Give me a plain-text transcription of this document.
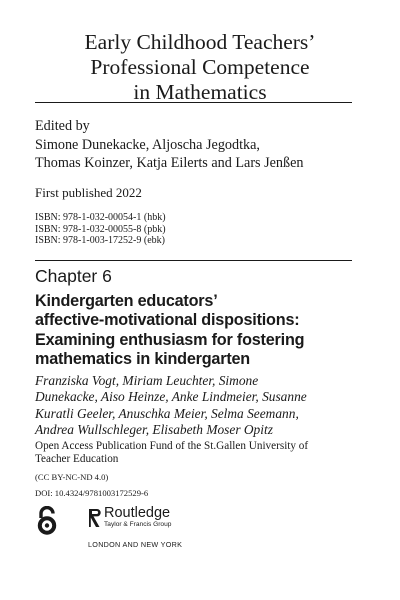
Early Childhood Teachers’
Professional Competence
in Mathematics
Edited by
Simone Dunekacke, Aljoscha Jegodtka,
Thomas Koinzer, Katja Eilerts and Lars Jenßen
First published 2022
ISBN: 978-1-032-00054-1 (hbk)
ISBN: 978-1-032-00055-8 (pbk)
ISBN: 978-1-003-17252-9 (ebk)
Chapter 6
Kindergarten educators’
affective-motivational dispositions:
Examining enthusiasm for fostering
mathematics in kindergarten
Franziska Vogt, Miriam Leuchter, Simone
Dunekacke, Aiso Heinze, Anke Lindmeier, Susanne
Kuratli Geeler, Anuschka Meier, Selma Seemann,
Andrea Wullschleger, Elisabeth Moser Opitz
Open Access Publication Fund of the St.Gallen University of
Teacher Education
(CC BY-NC-ND 4.0)
DOI: 10.4324/9781003172529-6
Routledge
Taylor & Francis Group
LONDON AND NEW YORK
